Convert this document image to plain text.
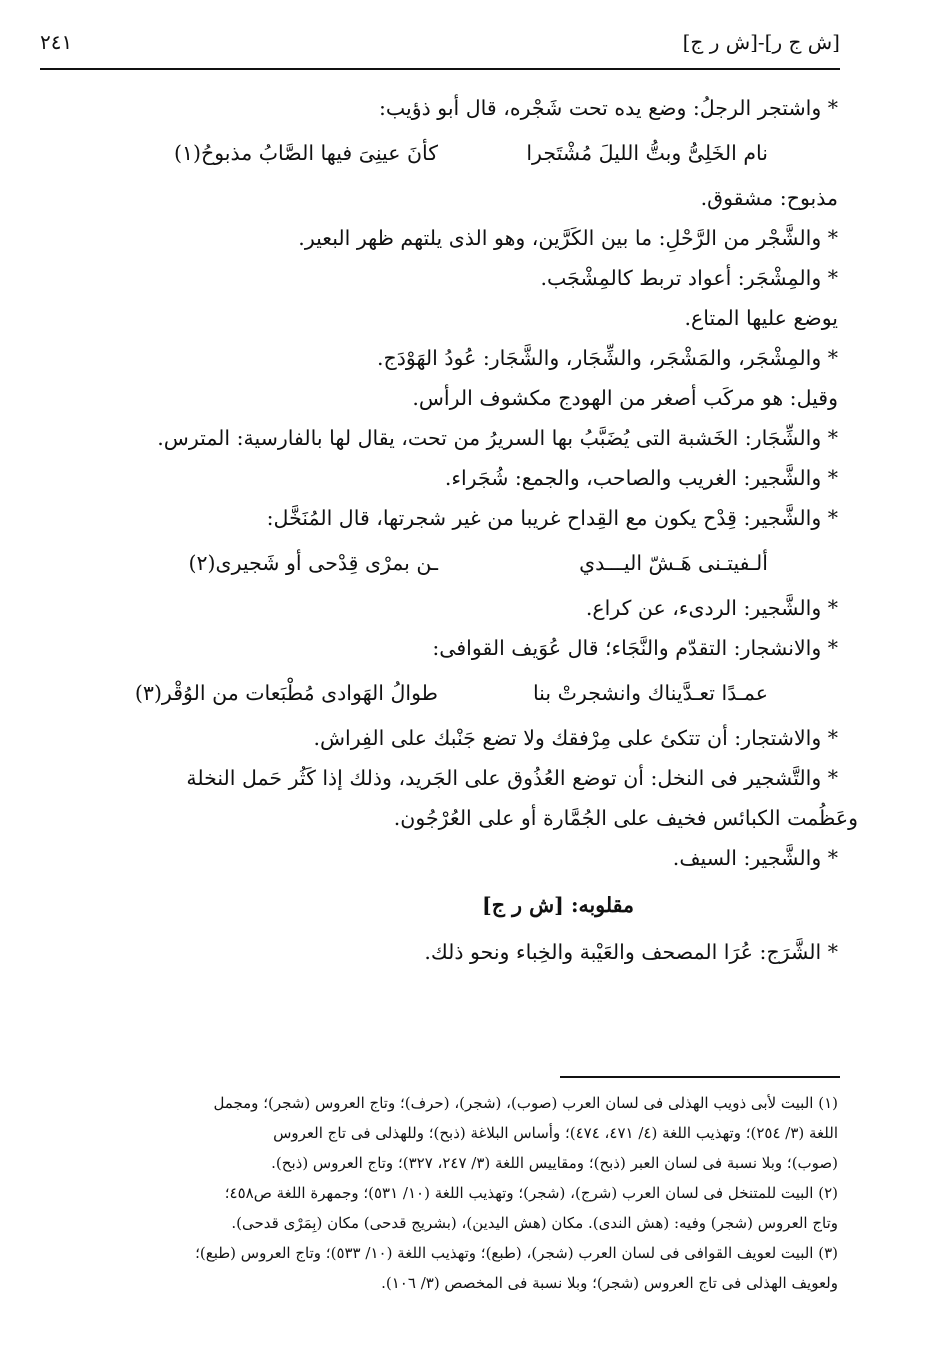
[ش ج ر]-[ش ر ج]
٢٤١
* واشتجر الرجلُ: وضع يده تحت شَجْره، قال أبو ذؤيب:
نام الخَلِىُّ وبتُّ الليلَ مُشْتَجرا
كأنَ عينِىَ فيها الصَّابُ مذبوحُ(١)
مذبوح: مشقوق.
* والشَّجْر من الرَّحْلِ: ما بين الكَرَّين، وهو الذى يلتهم ظهر البعير.
* والمِشْجَر: أعواد تربط كالمِشْجَب.
يوضع عليها المتاع.
* والمِشْجَر، والمَشْجَر، والشِّجَار، والشَّجَار: عُودُ الهَوْدَج.
وقيل: هو مركَب أصغر من الهودج مكشوف الرأس.
* والشِّجَار: الخَشبة التى يُضَبَّبُ بها السريرُ من تحت، يقال لها بالفارسية: المترس.
* والشَّجير: الغريب والصاحب، والجمع: شُجَراء.
* والشَّجير: قِدْح يكون مع القِداح غريبا من غير شجرتها، قال المُنَخَّل:
ألـفيتـنى هَـشّ اليـــدي
ـن بمرْى قِدْحى أو شَجيرى(٢)
* والشَّجير: الردىء، عن كراع.
* والانشجار: التقدّم والنَّجَاء؛ قال عُوَيف القوافى:
عمـدًا تعـدَّيناك وانشجرتْ بنا
طوالُ الهَوادى مُطْبَعات من الوُقْر(٣)
* والاشتجار: أن تتكئ على مِرْفقك ولا تضع جَنْبك على الفِراش.
* والتَّشجير فى النخل: أن توضع العُذُوق على الجَريد، وذلك إذا كَثُر حَمل النخلة
وعَظُمت الكبائس فخيف على الجُمَّارة أو على العُرْجُون.
* والشَّجير: السيف.
مقلوبه: [ش ر ج]
* الشَّرَج: عُرَا المصحف والعَيْبة والخِباء ونحو ذلك.
(١) البيت لأبى ذويب الهذلى فى لسان العرب (صوب)، (شجر)، (حرف)؛ وتاج العروس (شجر)؛ ومجمل
اللغة (٣/ ٢٥٤)؛ وتهذيب اللغة (٤/ ٤٧١، ٤٧٤)؛ وأساس البلاغة (ذبح)؛ وللهذلى فى تاج العروس
(صوب)؛ وبلا نسبة فى لسان العبر (ذبح)؛ ومقاييس اللغة (٣/ ٢٤٧، ٣٢٧)؛ وتاج العروس (ذبح).
(٢) البيت للمتنخل فى لسان العرب (شرج)، (شجر)؛ وتهذيب اللغة (١٠/ ٥٣١)؛ وجمهرة اللغة ص٤٥٨؛
وتاج العروس (شجر) وفيه: (هش الندى). مكان (هش اليدين)، (بشريج قدحى) مكان (بِمَرْى قدحى).
(٣) البيت لعويف القوافى فى لسان العرب (شجر)، (طبع)؛ وتهذيب اللغة (١٠/ ٥٣٣)؛ وتاج العروس (طبع)؛
ولعويف الهذلى فى تاج العروس (شجر)؛ وبلا نسبة فى المخصص (٣/ ١٠٦).
